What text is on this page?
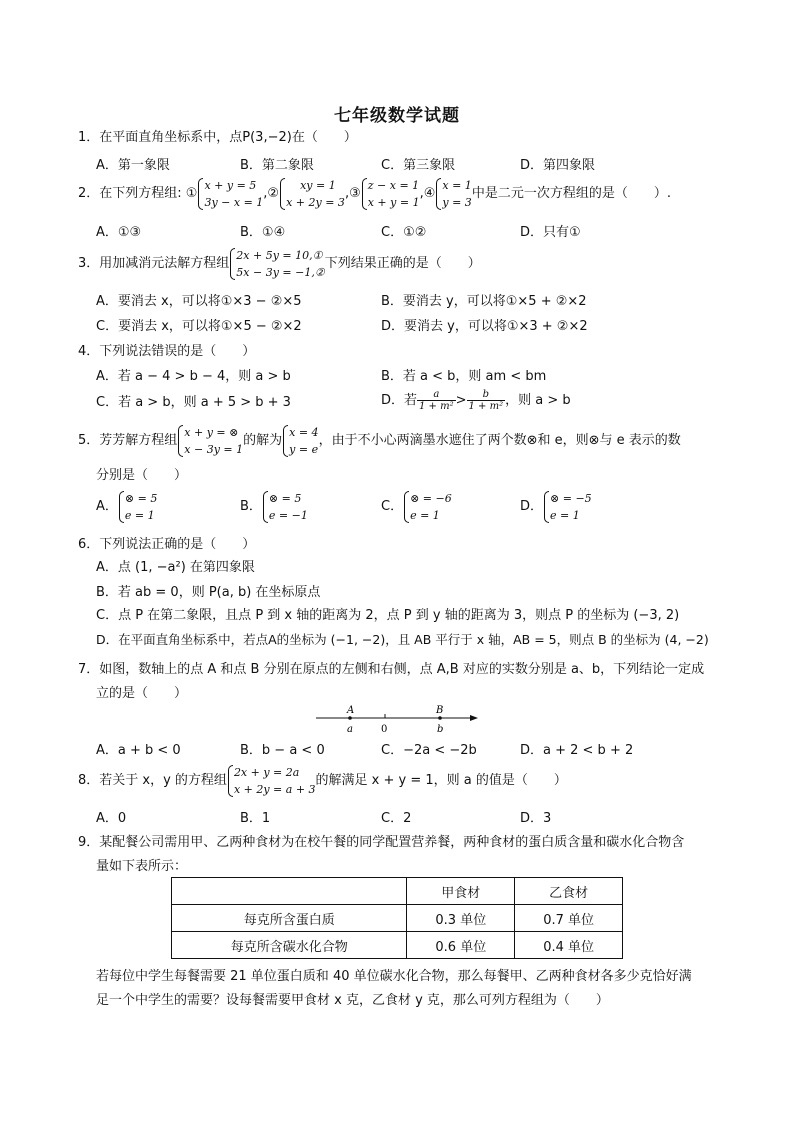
七年级数学试题
1．在平面直角坐标系中，点P(3,−2)在（　　）
A．第一象限	B．第二象限	C．第三象限	D．第四象限
2．在下列方程组: ①
x + y = 5
3y − x = 1
,②
xy = 1
x + 2y = 3
,③
z − x = 1
x + y = 1
,④
x = 1
y = 3
中是二元一次方程组的是（　　）.
A．①③	B．①④	C．①②	D．只有①
3．用加减消元法解方程组
2x + 5y = 10,①
5x − 3y = −1,②
下列结果正确的是（　　）
A．要消去 x，可以将①×3 − ②×5	B．要消去 y，可以将①×5 + ②×2
C．要消去 x，可以将①×5 − ②×2	D．要消去 y，可以将①×3 + ②×2
4．下列说法错误的是（　　）
A．若 a − 4 > b − 4，则 a > b	B．若 a < b，则 am < bm
C．若 a > b，则 a + 5 > b + 3	D．若 $\frac{a}{\text{1 + m²}} > \frac{b}{\text{1 + m²}}$ ，则 a > b
5．芳芳解方程组
x + y = ⊗
x − 3y = 1
的解为
x = 4
y = e
，由于不小心两滴墨水遮住了两个数⊗和 e，则⊗与 e 表示的数
分别是（　　）
A．
⊗ = 5
e = 1
B．
⊗ = 5
e = −1
C．
⊗ = −6
e = 1
D．
⊗ = −5
e = 1
6．下列说法正确的是（　　）
A．点 (1, −a²) 在第四象限
B．若 ab = 0，则 P(a, b) 在坐标原点
C．点 P 在第二象限，且点 P 到 x 轴的距离为 2，点 P 到 y 轴的距离为 3，则点 P 的坐标为 (−3, 2)
D．在平面直角坐标系中，若点A的坐标为 (−1, −2)，且 AB 平行于 x 轴，AB = 5，则点 B 的坐标为 (4, −2)
7．如图，数轴上的点 A 和点 B 分别在原点的左侧和右侧，点 A,B 对应的实数分别是 a、b，下列结论一定成
立的是（　　）
A	B
a	0	b
A．a + b < 0	B．b − a < 0	C．−2a < −2b	D．a + 2 < b + 2
8．若关于 x，y 的方程组
2x + y = 2a
x + 2y = a + 3
的解满足 x + y = 1，则 a 的值是（　　）
A．0	B．1	C．2	D．3
9．某配餐公司需用甲、乙两种食材为在校午餐的同学配置营养餐，两种食材的蛋白质含量和碳水化合物含
量如下表所示：
	甲食材	乙食材
每克所含蛋白质	0.3 单位	0.7 单位
每克所含碳水化合物	0.6 单位	0.4 单位
若每位中学生每餐需要 21 单位蛋白质和 40 单位碳水化合物，那么每餐甲、乙两种食材各多少克恰好满
足一个中学生的需要？设每餐需要甲食材 x 克，乙食材 y 克，那么可列方程组为（　　）
